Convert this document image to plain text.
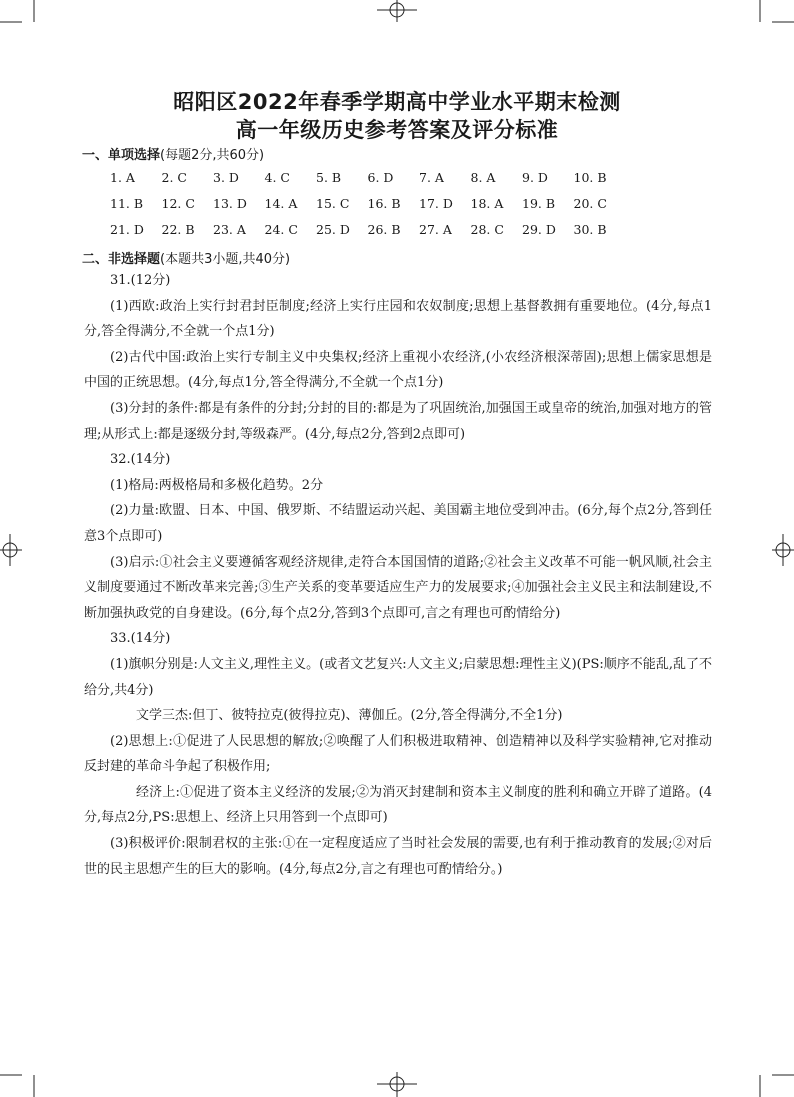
昭阳区2022年春季学期高中学业水平期末检测
高一年级历史参考答案及评分标准
一、单项选择(每题2分,共60分)
1. A 2. C 3. D 4. C 5. B 6. D 7. A 8. A 9. D 10. B
11. B 12. C 13. D 14. A 15. C 16. B 17. D 18. A 19. B 20. C
21. D 22. B 23. A 24. C 25. D 26. B 27. A 28. C 29. D 30. B
二、非选择题(本题共3小题,共40分)

31.(12分)

(1)西欧:政治上实行封君封臣制度;经济上实行庄园和农奴制度;思想上基督教拥有重要地位。(4分,每点1分,答全得满分,不全就一个点1分)

(2)古代中国:政治上实行专制主义中央集权;经济上重视小农经济,(小农经济根深蒂固);思想上儒家思想是中国的正统思想。(4分,每点1分,答全得满分,不全就一个点1分)

(3)分封的条件:都是有条件的分封;分封的目的:都是为了巩固统治,加强国王或皇帝的统治,加强对地方的管理;从形式上:都是逐级分封,等级森严。(4分,每点2分,答到2点即可)

32.(14分)

(1)格局:两极格局和多极化趋势。2分

(2)力量:欧盟、日本、中国、俄罗斯、不结盟运动兴起、美国霸主地位受到冲击。(6分,每个点2分,答到任意3个点即可)

(3)启示:①社会主义要遵循客观经济规律,走符合本国国情的道路;②社会主义改革不可能一帆风顺,社会主义制度要通过不断改革来完善;③生产关系的变革要适应生产力的发展要求;④加强社会主义民主和法制建设,不断加强执政党的自身建设。(6分,每个点2分,答到3个点即可,言之有理也可酌情给分)

33.(14分)

(1)旗帜分别是:人文主义,理性主义。(或者文艺复兴:人文主义;启蒙思想:理性主义)(PS:顺序不能乱,乱了不给分,共4分)

文学三杰:但丁、彼特拉克(彼得拉克)、薄伽丘。(2分,答全得满分,不全1分)

(2)思想上:①促进了人民思想的解放;②唤醒了人们积极进取精神、创造精神以及科学实验精神,它对推动反封建的革命斗争起了积极作用;

经济上:①促进了资本主义经济的发展;②为消灭封建制和资本主义制度的胜利和确立开辟了道路。(4分,每点2分,PS:思想上、经济上只用答到一个点即可)

(3)积极评价:限制君权的主张:①在一定程度适应了当时社会发展的需要,也有利于推动教育的发展;②对后世的民主思想产生的巨大的影响。(4分,每点2分,言之有理也可酌情给分。)
